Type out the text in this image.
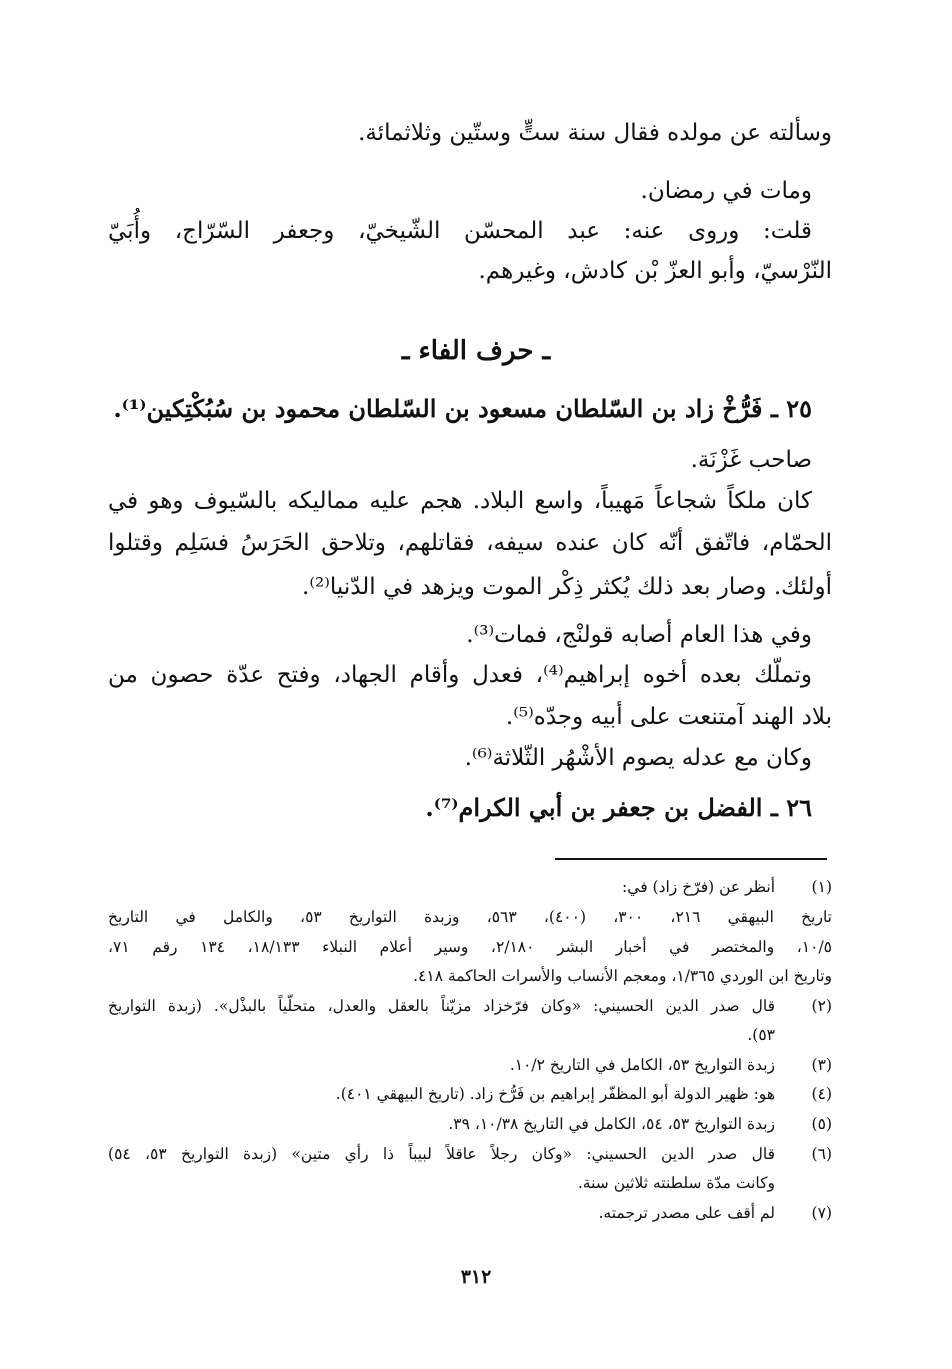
وسألته عن مولده فقال سنة ستٍّ وستّين وثلاثمائة.
ومات في رمضان.
قلت: وروى عنه: عبد المحسّن الشّيخيّ، وجعفر السّرّاج، وأُبَيّ
النّرْسيّ، وأبو العزّ بْن كادش، وغيرهم.
ـ حرف الفاء ـ
٢٥ ـ فَرُّخْ زاد بن السّلطان مسعود بن السّلطان محمود بن سُبُكْتِكين⁽¹⁾.
صاحب غَزْنَة.
كان ملكاً شجاعاً مَهيباً، واسع البلاد. هجم عليه مماليكه بالسّيوف وهو في
الحمّام، فاتّفق أنّه كان عنده سيفه، فقاتلهم، وتلاحق الحَرَسُ فسَلِم وقتلوا
أولئك. وصار بعد ذلك يُكثر ذِكْر الموت ويزهد في الدّنيا⁽²⁾.
وفي هذا العام أصابه قولنْج، فمات⁽³⁾.
وتملّك بعده أخوه إبراهيم⁽⁴⁾، فعدل وأقام الجهاد، وفتح عدّة حصون من
بلاد الهند آمتنعت على أبيه وجدّه⁽⁵⁾.
وكان مع عدله يصوم الأشْهُر الثّلاثة⁽⁶⁾.
٢٦ ـ الفضل بن جعفر بن أبي الكرام⁽⁷⁾.
(١)
أنظر عن (فرّخ زاد) في:
تاريخ البيهقي ٢١٦، ٣٠٠، (٤٠٠)، ٥٦٣، وزبدة التواريخ ٥٣، والكامل في التاريخ
١٠/٥، والمختصر في أخبار البشر ٢/١٨٠، وسير أعلام النبلاء ١٨/١٣٣، ١٣٤ رقم ٧١،
وتاريخ ابن الوردي ١/٣٦٥، ومعجم الأنساب والأسرات الحاكمة ٤١٨.
(٢)
قال صدر الدين الحسيني: «وكان فرّخزاد مزيّناً بالعقل والعدل، متحلّياً بالبذْل». (زبدة التواريخ
٥٣).
(٣)
زبدة التواريخ ٥٣، الكامل في التاريخ ١٠/٢.
(٤)
هو: ظهير الدولة أبو المظفّر إبراهيم بن فَرُّخ زاد. (تاريخ البيهقي ٤٠١).
(٥)
زبدة التواريخ ٥٣، ٥٤، الكامل في التاريخ ١٠/٣٨، ٣٩.
(٦)
قال صدر الدين الحسيني: «وكان رجلاً عاقلاً لبيباً ذا رأي متين» (زبدة التواريخ ٥٣، ٥٤)
وكانت مدّة سلطنته ثلاثين سنة.
(٧)
لم أقف على مصدر ترجمته.
٣١٢
